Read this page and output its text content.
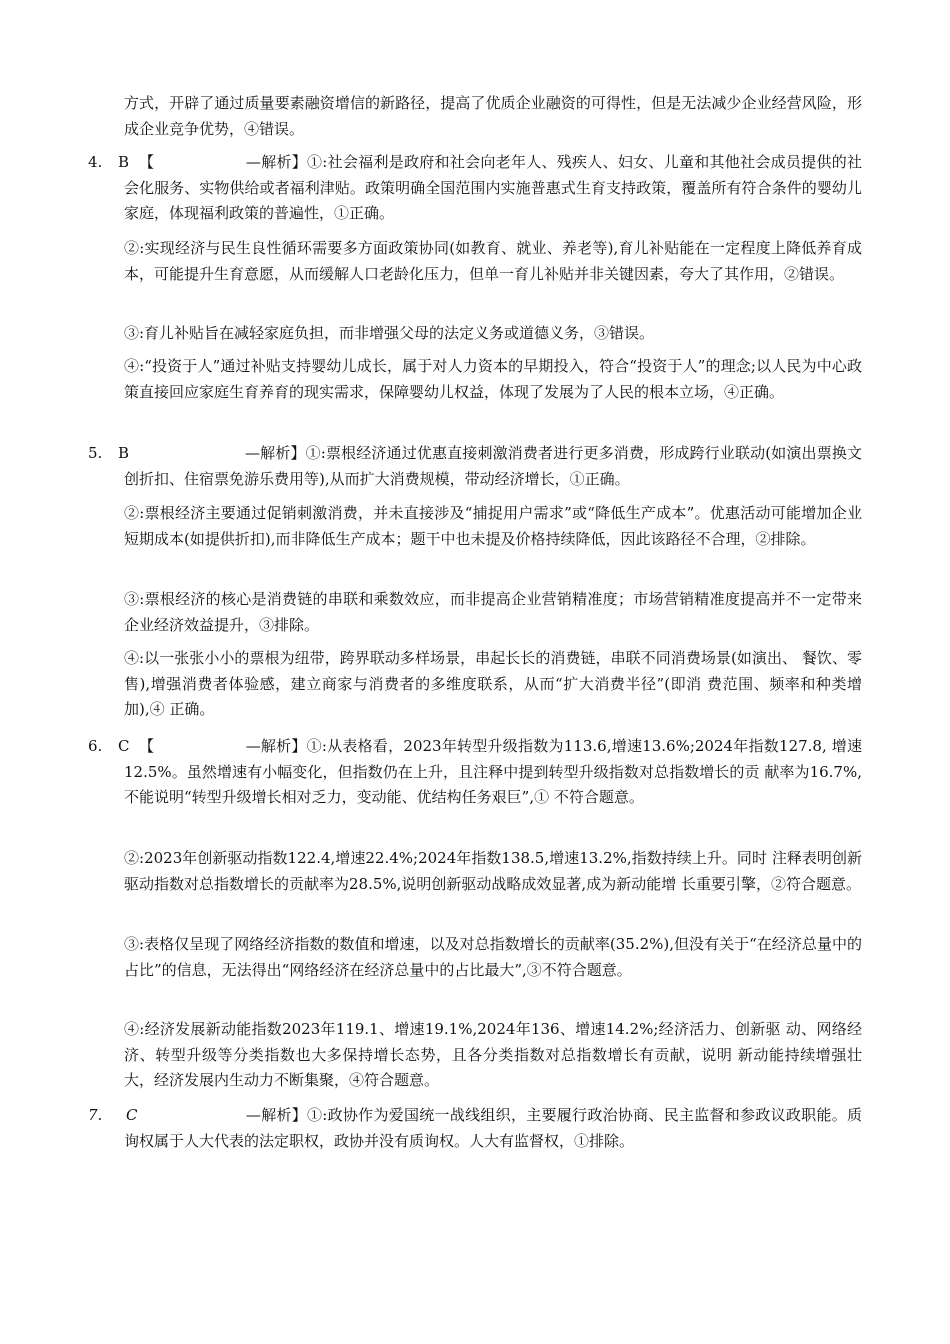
方式，开辟了通过质量要素融资增信的新路径，提高了优质企业融资的可得性，但是无法减少企业经营风险，形成企业竞争优势，④错误。

4.	B 【　　　　　　—解析】①:社会福利是政府和社会向老年人、残疾人、妇女、儿童和其他社会成员提供的社会化服务、实物供给或者福利津贴。政策明确全国范围内实施普惠式生育支持政策，覆盖所有符合条件的婴幼儿家庭，体现福利政策的普遍性，①正确。

②:实现经济与民生良性循环需要多方面政策协同(如教育、就业、养老等),育儿补贴能在一定程度上降低养育成本，可能提升生育意愿，从而缓解人口老龄化压力，但单一育儿补贴并非关键因素，夸大了其作用，②错误。

③:育儿补贴旨在减轻家庭负担，而非增强父母的法定义务或道德义务，③错误。

④:“投资于人”通过补贴支持婴幼儿成长，属于对人力资本的早期投入，符合“投资于人”的理念;以人民为中心政策直接回应家庭生育养育的现实需求，保障婴幼儿权益，体现了发展为了人民的根本立场，④正确。

5.	B 　　　　　　　—解析】①:票根经济通过优惠直接刺激消费者进行更多消费，形成跨行业联动(如演出票换文创折扣、住宿票免游乐费用等),从而扩大消费规模，带动经济增长，①正确。

②:票根经济主要通过促销刺激消费，并未直接涉及“捕捉用户需求”或“降低生产成本”。优惠活动可能增加企业短期成本(如提供折扣),而非降低生产成本；题干中也未提及价格持续降低，因此该路径不合理，②排除。

③:票根经济的核心是消费链的串联和乘数效应，而非提高企业营销精准度；市场营销精准度提高并不一定带来企业经济效益提升，③排除。

④:以一张张小小的票根为纽带，跨界联动多样场景，串起长长的消费链，串联不同消费场景(如演出、 餐饮、零售),增强消费者体验感，建立商家与消费者的多维度联系，从而“扩大消费半径”(即消 费范围、频率和种类增加),④ 正确。

6.	C 【　　　　　　—解析】①:从表格看，2023年转型升级指数为113.6,增速13.6%;2024年指数127.8, 增速12.5%。虽然增速有小幅变化，但指数仍在上升，且注释中提到转型升级指数对总指数增长的贡 献率为16.7%,不能说明“转型升级增长相对乏力，变动能、优结构任务艰巨”,① 不符合题意。

②:2023年创新驱动指数122.4,增速22.4%;2024年指数138.5,增速13.2%,指数持续上升。同时 注释表明创新驱动指数对总指数增长的贡献率为28.5%,说明创新驱动战略成效显著,成为新动能增 长重要引擎，②符合题意。

③:表格仅呈现了网络经济指数的数值和增速，以及对总指数增长的贡献率(35.2%),但没有关于“在经济总量中的占比”的信息，无法得出“网络经济在经济总量中的占比最大”,③不符合题意。

④:经济发展新动能指数2023年119.1、增速19.1%,2024年136、增速14.2%;经济活力、创新驱 动、网络经济、转型升级等分类指数也大多保持增长态势，且各分类指数对总指数增长有贡献，说明 新动能持续增强壮大，经济发展内生动力不断集聚，④符合题意。

7.	C 　　　　　　　—解析】①:政协作为爱国统一战线组织，主要履行政治协商、民主监督和参政议政职能。质询权属于人大代表的法定职权，政协并没有质询权。人大有监督权，①排除。
